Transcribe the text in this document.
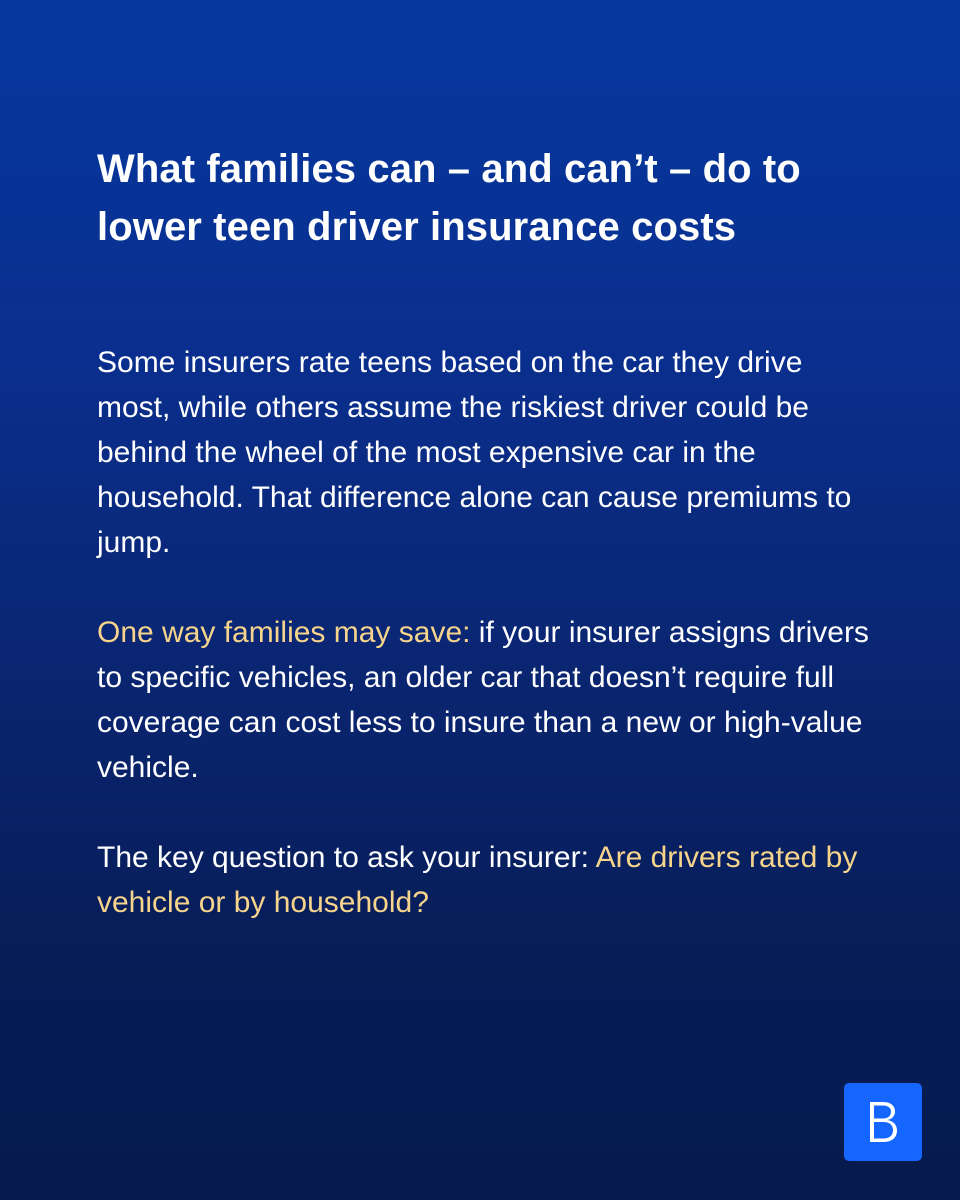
What families can – and can’t – do to lower teen driver insurance costs

Some insurers rate teens based on the car they drive most, while others assume the riskiest driver could be behind the wheel of the most expensive car in the household. That difference alone can cause premiums to jump.

One way families may save: if your insurer assigns drivers to specific vehicles, an older car that doesn’t require full coverage can cost less to insure than a new or high-value vehicle.

The key question to ask your insurer: Are drivers rated by vehicle or by household?
